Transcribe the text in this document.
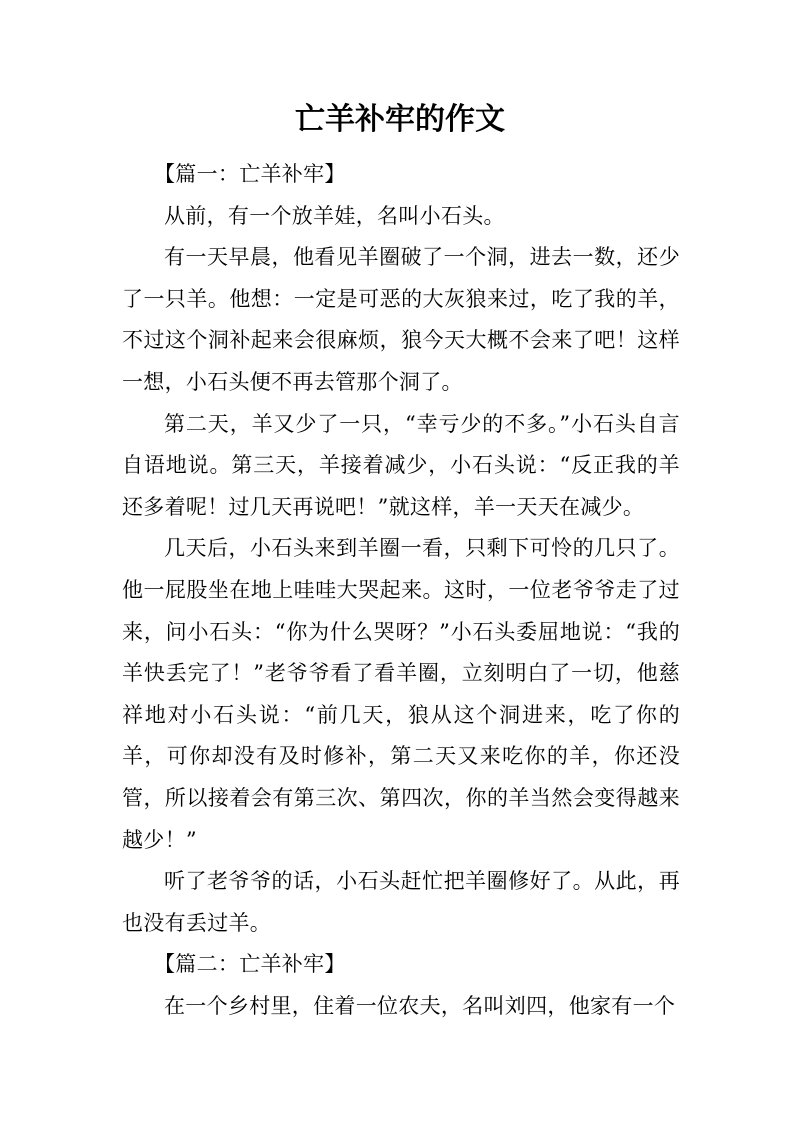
亡羊补牢的作文

【篇一：亡羊补牢】

从前，有一个放羊娃，名叫小石头。

有一天早晨，他看见羊圈破了一个洞，进去一数，还少了一只羊。他想：一定是可恶的大灰狼来过，吃了我的羊，不过这个洞补起来会很麻烦，狼今天大概不会来了吧！这样一想，小石头便不再去管那个洞了。

第二天，羊又少了一只，“幸亏少的不多。”小石头自言自语地说。第三天，羊接着减少，小石头说：“反正我的羊还多着呢！过几天再说吧！”就这样，羊一天天在减少。

几天后，小石头来到羊圈一看，只剩下可怜的几只了。他一屁股坐在地上哇哇大哭起来。这时，一位老爷爷走了过来，问小石头：“你为什么哭呀？”小石头委屈地说：“我的羊快丢完了！”老爷爷看了看羊圈，立刻明白了一切，他慈祥地对小石头说：“前几天，狼从这个洞进来，吃了你的羊，可你却没有及时修补，第二天又来吃你的羊，你还没管，所以接着会有第三次、第四次，你的羊当然会变得越来越少！”

听了老爷爷的话，小石头赶忙把羊圈修好了。从此，再也没有丢过羊。

【篇二：亡羊补牢】

在一个乡村里，住着一位农夫，名叫刘四，他家有一个
